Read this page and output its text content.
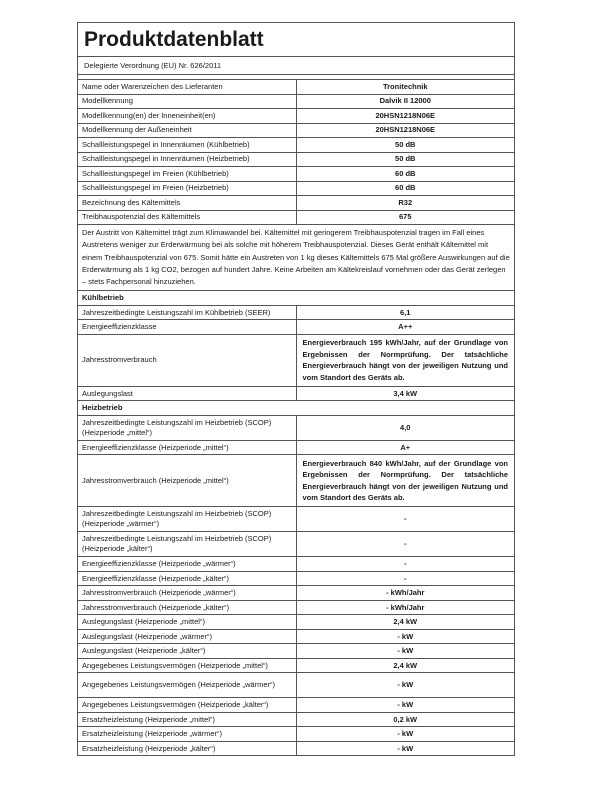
Produktdatenblatt
Delegierte Verordnung (EU) Nr. 626/2011
Name oder Warenzeichen des Lieferanten	Tronitechnik
Modellkennung	Dalvik II 12000
Modellkennung(en) der Inneneinheit(en)	20HSN1218N06E
Modellkennung der Außeneinheit	20HSN1218N06E
Schallleistungspegel in Innenräumen (Kühlbetrieb)	50 dB
Schallleistungspegel in Innenräumen (Heizbetrieb)	50 dB
Schallleistungspegel im Freien (Kühlbetrieb)	60 dB
Schallleistungspegel im Freien (Heizbetrieb)	60 dB
Bezeichnung des Kältemittels	R32
Treibhauspotenzial des Kältemittels	675
Der Austritt von Kältemittel trägt zum Klimawandel bei. Kältemittel mit geringerem Treibhauspotenzial tragen im Fall eines Austretens weniger zur Erderwärmung bei als solche mit höherem Treibhauspotenzial. Dieses Gerät enthält Kältemittel mit einem Treibhauspotenzial von 675. Somit hätte ein Austreten von 1 kg dieses Kältemittels 675 Mal größere Auswirkungen auf die Erderwärmung als 1 kg CO2, bezogen auf hundert Jahre. Keine Arbeiten am Kältekreislauf vornehmen oder das Gerät zerlegen – stets Fachpersonal hinzuziehen.	
Kühlbetrieb	
Jahreszeitbedingte Leistungszahl im Kühlbetrieb (SEER)	6,1
Energieeffizienzklasse	A++
Jahresstromverbrauch	Energieverbrauch 195 kWh/Jahr, auf der Grundlage von Ergebnissen der Normprüfung. Der tatsächliche Energieverbrauch hängt von der jeweiligen Nutzung und vom Standort des Geräts ab.
Auslegungslast	3,4 kW
Heizbetrieb	
Jahreszeitbedingte Leistungszahl im Heizbetrieb (SCOP) (Heizperiode „mittel“)	4,0
Energieeffizienzklasse (Heizperiode „mittel“)	A+
Jahresstromverbrauch (Heizperiode „mittel“)	Energieverbrauch 840 kWh/Jahr, auf der Grundlage von Ergebnissen der Normprüfung. Der tatsächliche Energieverbrauch hängt von der jeweiligen Nutzung und vom Standort des Geräts ab.
Jahreszeitbedingte Leistungszahl im Heizbetrieb (SCOP) (Heizperiode „wärmer“)	-
Jahreszeitbedingte Leistungszahl im Heizbetrieb (SCOP) (Heizperiode „kälter“)	-
Energieeffizienzklasse (Heizperiode „wärmer“)	-
Energieeffizienzklasse (Heizperiode „kälter“)	-
Jahresstromverbrauch (Heizperiode „wärmer“)	- kWh/Jahr
Jahresstromverbrauch (Heizperiode „kälter“)	- kWh/Jahr
Auslegungslast (Heizperiode „mittel“)	2,4 kW
Auslegungslast (Heizperiode „wärmer“)	- kW
Auslegungslast (Heizperiode „kälter“)	- kW
Angegebenes Leistungsvermögen (Heizperiode „mittel“)	2,4 kW
Angegebenes Leistungsvermögen (Heizperiode „wärmer“)	- kW
Angegebenes Leistungsvermögen (Heizperiode „kälter“)	- kW
Ersatzheizleistung (Heizperiode „mittel“)	0,2 kW
Ersatzheizleistung (Heizperiode „wärmer“)	- kW
Ersatzheizleistung (Heizperiode „kälter“)	- kW
